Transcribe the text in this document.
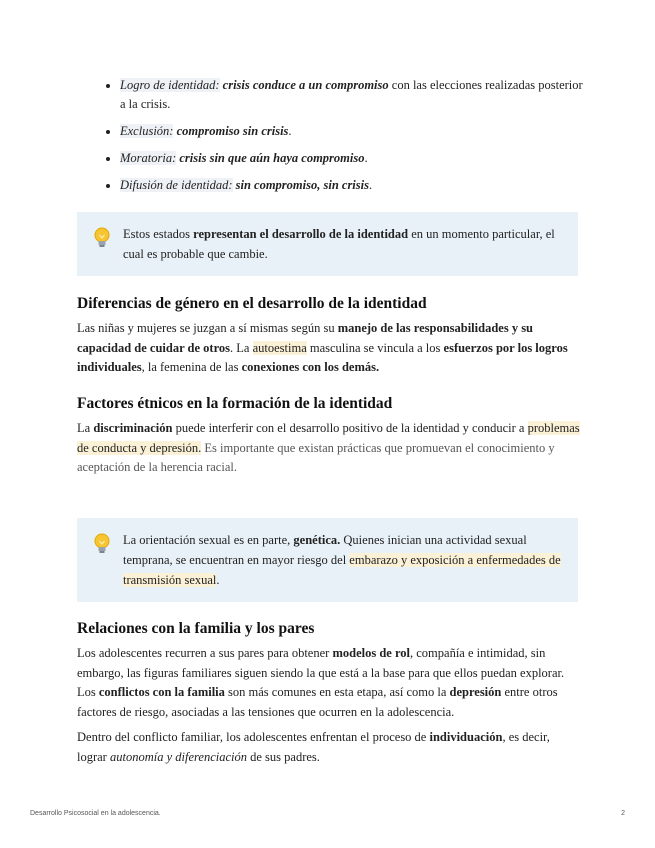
• Logro de identidad: crisis conduce a un compromiso con las elecciones realizadas posterior a la crisis.
• Exclusión: compromiso sin crisis.
• Moratoria: crisis sin que aún haya compromiso.
• Difusión de identidad: sin compromiso, sin crisis.
Estos estados representan el desarrollo de la identidad en un momento particular, el cual es probable que cambie.
Diferencias de género en el desarrollo de la identidad

Las niñas y mujeres se juzgan a sí mismas según su manejo de las responsabilidades y su capacidad de cuidar de otros. La autoestima masculina se vincula a los esfuerzos por los logros individuales, la femenina de las conexiones con los demás.

Factores étnicos en la formación de la identidad

La discriminación puede interferir con el desarrollo positivo de la identidad y conducir a problemas de conducta y depresión. Es importante que existan prácticas que promuevan el conocimiento y aceptación de la herencia racial.

La orientación sexual es en parte, genética. Quienes inician una actividad sexual temprana, se encuentran en mayor riesgo del embarazo y exposición a enfermedades de transmisión sexual.
Relaciones con la familia y los pares

Los adolescentes recurren a sus pares para obtener modelos de rol, compañía e intimidad, sin embargo, las figuras familiares siguen siendo la que está a la base para que ellos puedan explorar. Los conflictos con la familia son más comunes en esta etapa, así como la depresión entre otros factores de riesgo, asociadas a las tensiones que ocurren en la adolescencia.

Dentro del conflicto familiar, los adolescentes enfrentan el proceso de individuación, es decir, lograr autonomía y diferenciación de sus padres.

Desarrollo Psicosocial en la adolescencia.	2
